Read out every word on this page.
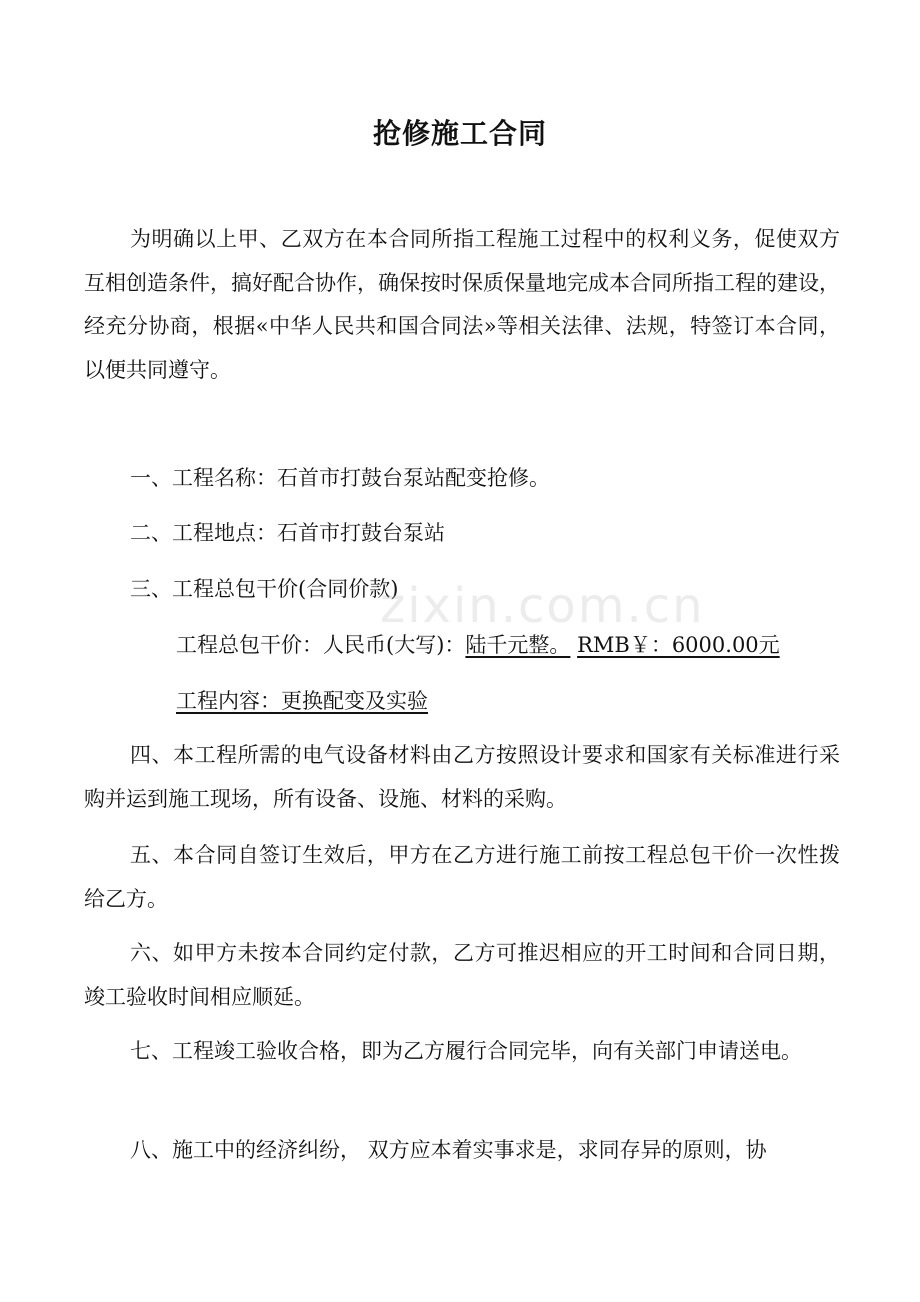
抢修施工合同

为明确以上甲、乙双方在本合同所指工程施工过程中的权利义务，促使双方互相创造条件，搞好配合协作，确保按时保质保量地完成本合同所指工程的建设，经充分协商，根据«中华人民共和国合同法»等相关法律、法规，特签订本合同，以便共同遵守。

一、工程名称：石首市打鼓台泵站配变抢修。

二、工程地点：石首市打鼓台泵站

三、工程总包干价(合同价款)

工程总包干价：人民币(大写)：陆千元整。 RMB￥：6000.00元

工程内容：更换配变及实验

四、本工程所需的电气设备材料由乙方按照设计要求和国家有关标准进行采购并运到施工现场，所有设备、设施、材料的采购。

五、本合同自签订生效后，甲方在乙方进行施工前按工程总包干价一次性拨给乙方。

六、如甲方未按本合同约定付款，乙方可推迟相应的开工时间和合同日期，竣工验收时间相应顺延。

七、工程竣工验收合格，即为乙方履行合同完毕，向有关部门申请送电。

八、施工中的经济纠纷， 双方应本着实事求是，求同存异的原则，协

zixin.com.cn
